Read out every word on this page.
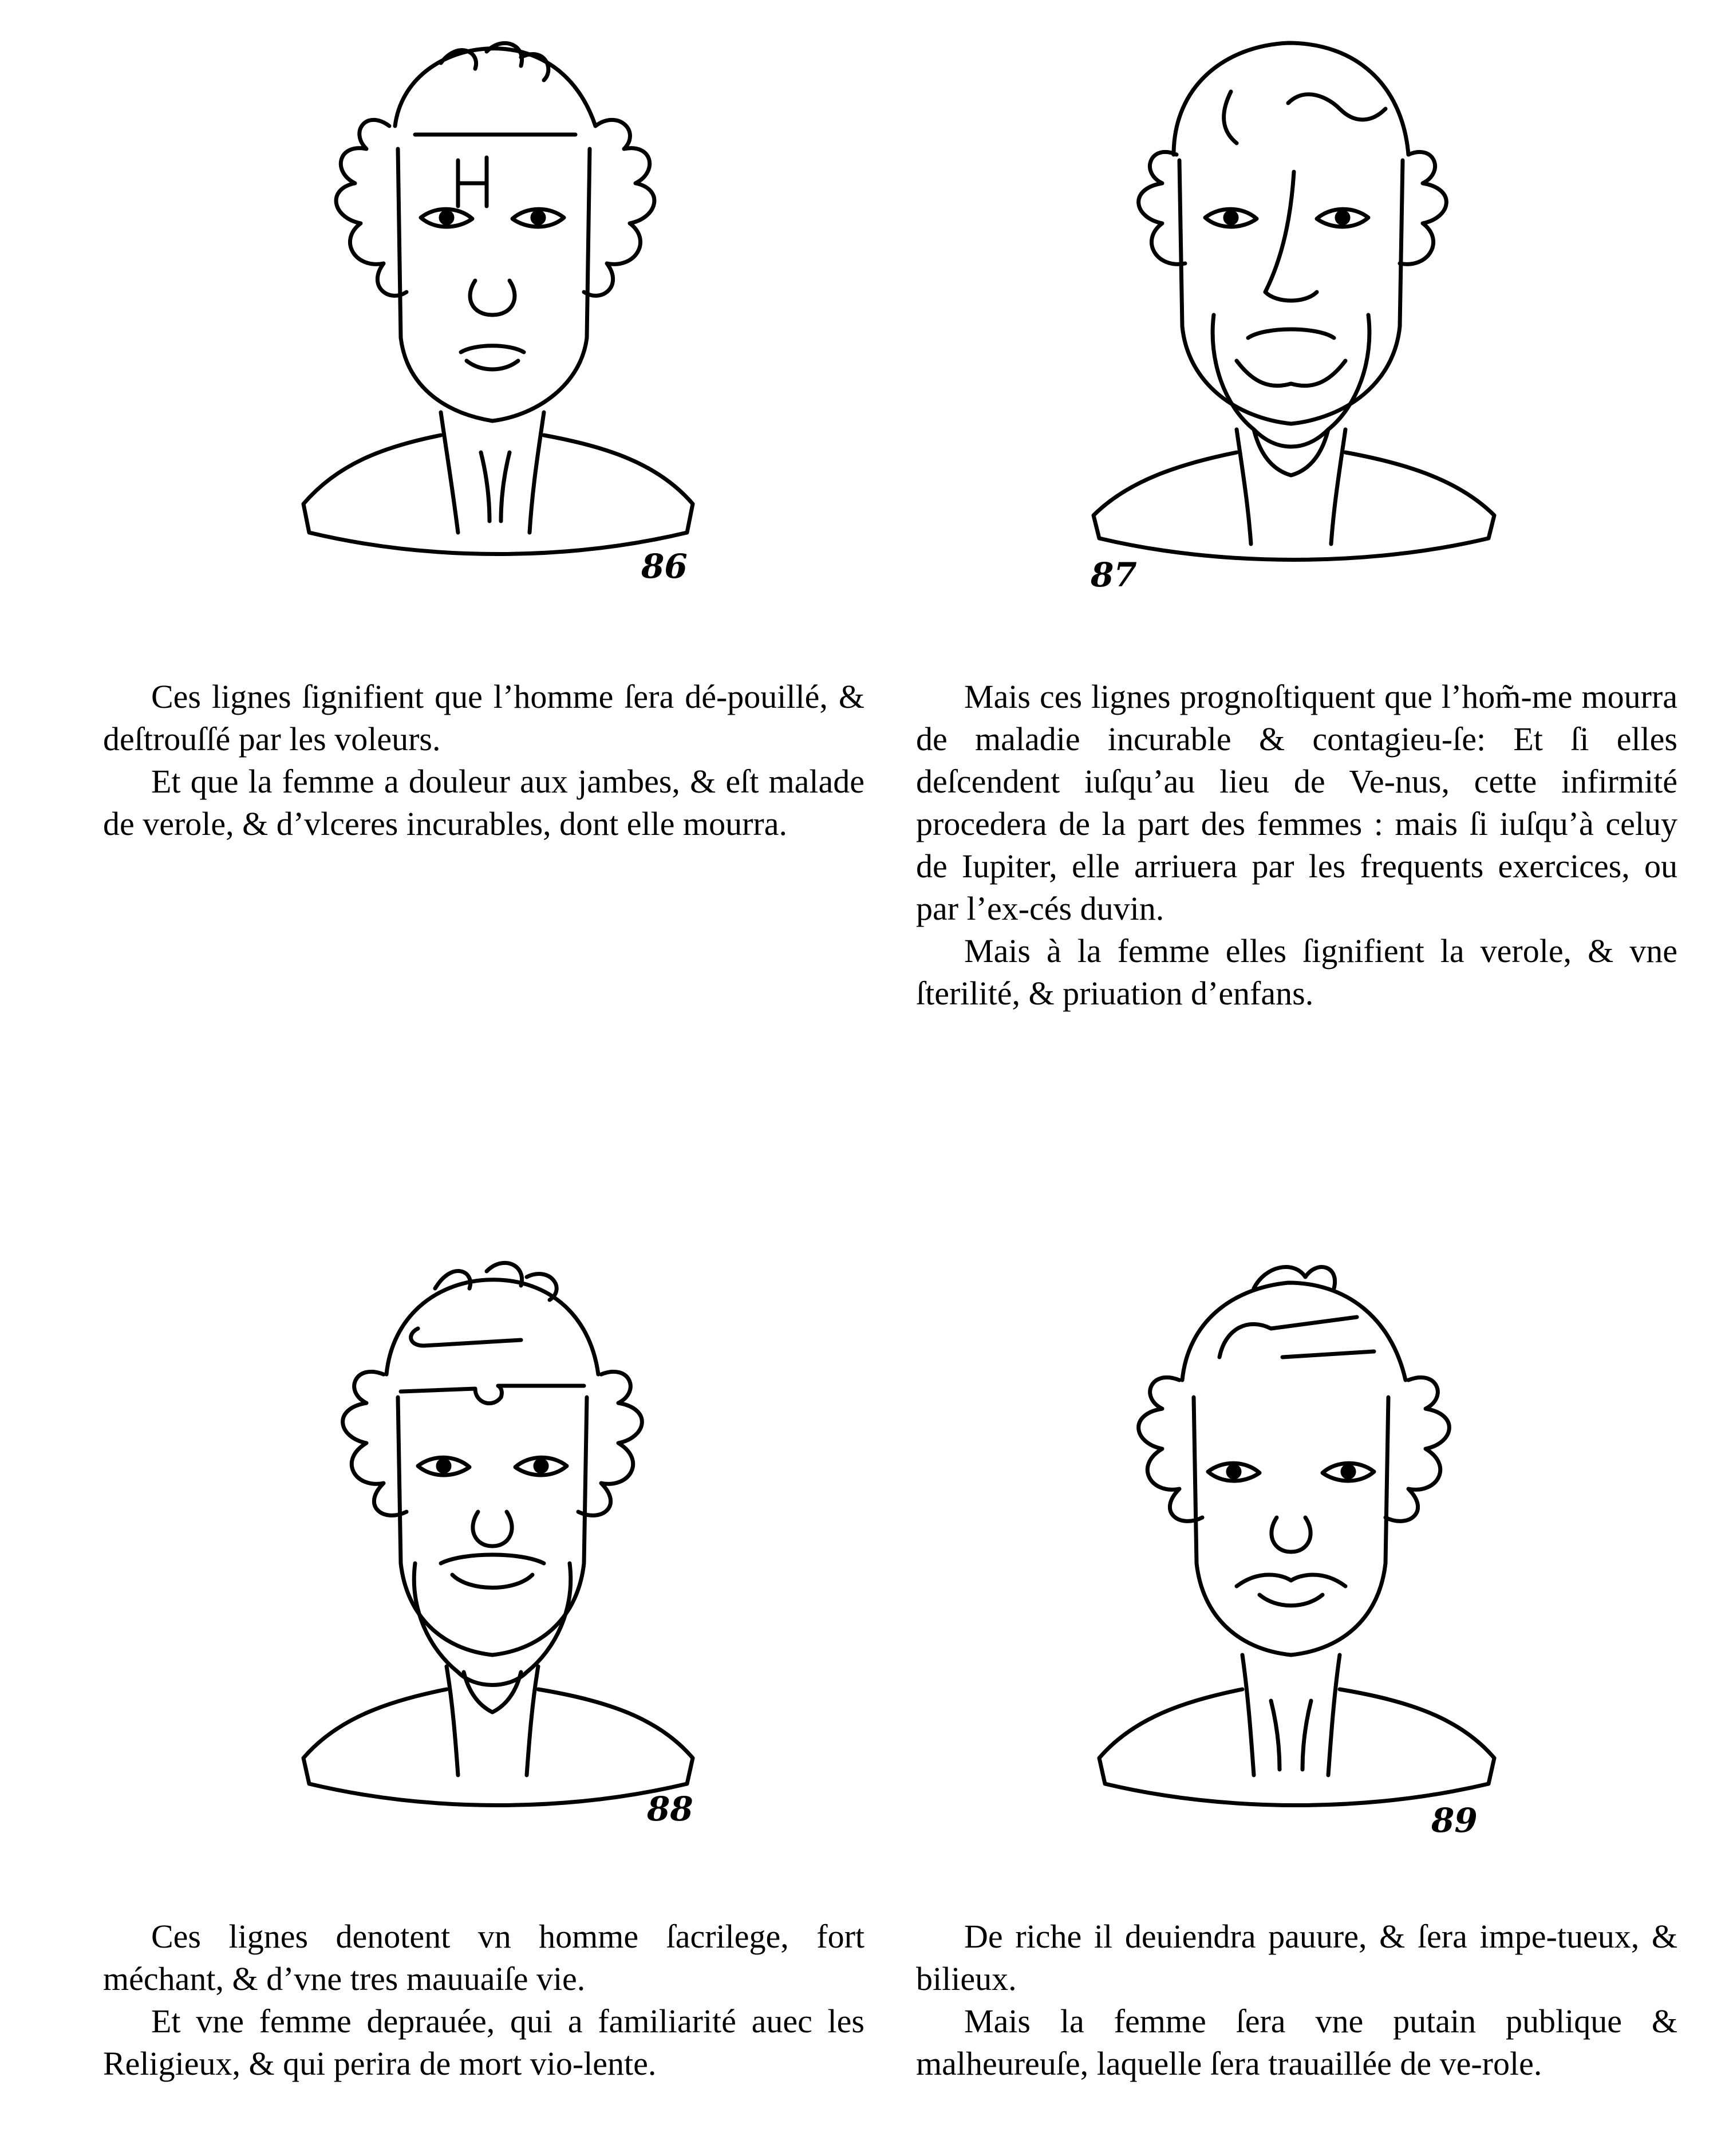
86	87

Ces lignes ſignifient que l’homme ſera dé-pouillé, & deſtrouſſé par les voleurs.

Et que la femme a douleur aux jambes, & eſt malade de verole, & d’vlceres incurables, dont elle mourra.

Mais ces lignes prognoſtiquent que l’hom̃-me mourra de maladie incurable & contagieu-ſe: Et ſi elles deſcendent iuſqu’au lieu de Ve-nus, cette infirmité procedera de la part des femmes : mais ſi iuſqu’à celuy de Iupiter, elle arriuera par les frequents exercices, ou par l’ex-cés duvin.

Mais à la femme elles ſignifient la verole, & vne ſterilité, & priuation d’enfans.

88	89

Ces lignes denotent vn homme ſacrilege, fort méchant, & d’vne tres mauuaiſe vie.

Et vne femme deprauée, qui a familiarité auec les Religieux, & qui perira de mort vio-lente.

De riche il deuiendra pauure, & ſera impe-tueux, & bilieux.

Mais la femme ſera vne putain publique & malheureuſe, laquelle ſera trauaillée de ve-role.
